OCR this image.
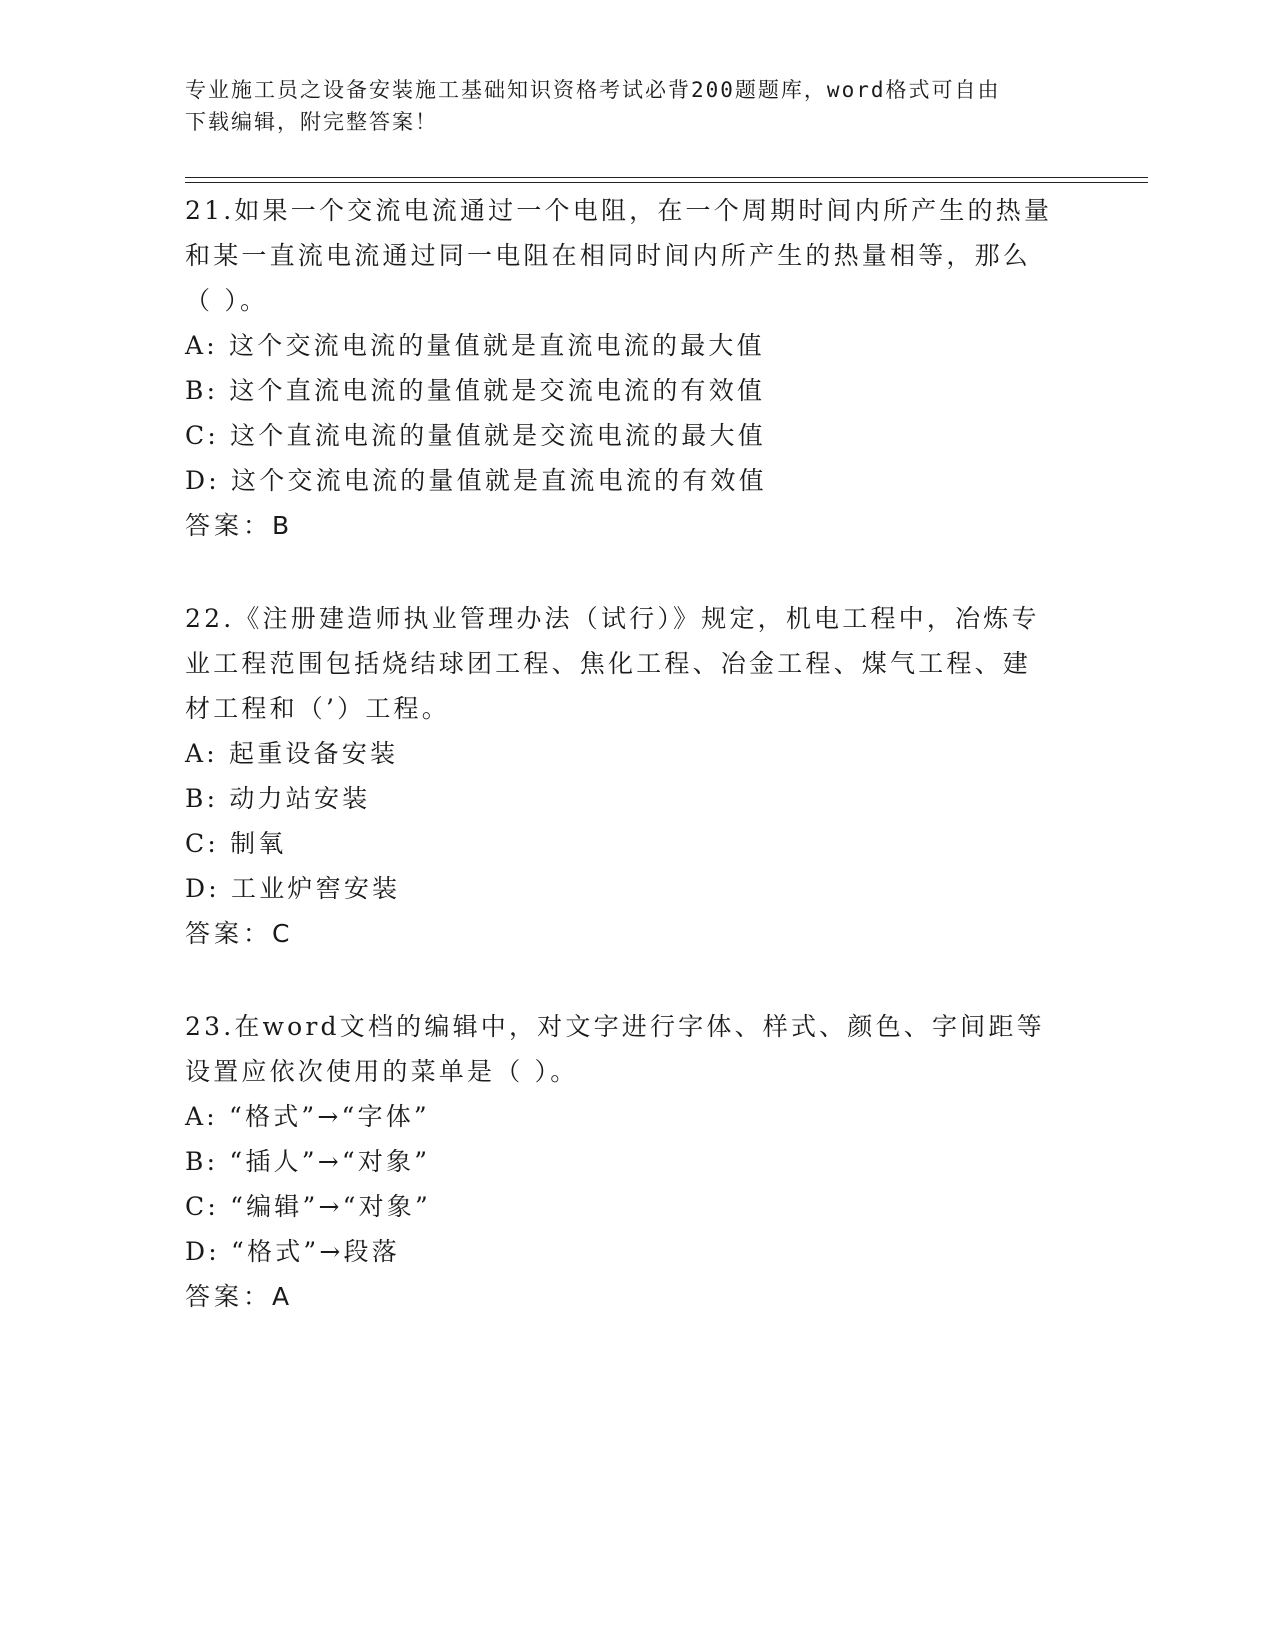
专业施工员之设备安装施工基础知识资格考试必背200题题库，word格式可自由
下载编辑，附完整答案！
21.如果一个交流电流通过一个电阻，在一个周期时间内所产生的热量
和某一直流电流通过同一电阻在相同时间内所产生的热量相等，那么
（ ）。
A: 这个交流电流的量值就是直流电流的最大值
B: 这个直流电流的量值就是交流电流的有效值
C: 这个直流电流的量值就是交流电流的最大值
D: 这个交流电流的量值就是直流电流的有效值
答案：B
22.《注册建造师执业管理办法（试行）》规定，机电工程中，冶炼专
业工程范围包括烧结球团工程、焦化工程、冶金工程、煤气工程、建
材工程和（’）工程。
A: 起重设备安装
B: 动力站安装
C: 制氧
D: 工业炉窖安装
答案：C
23.在word文档的编辑中，对文字进行字体、样式、颜色、字间距等
设置应依次使用的菜单是（ ）。
A: “格式”→“字体”
B: “插人”→“对象”
C: “编辑”→“对象”
D: “格式”→段落
答案：A
